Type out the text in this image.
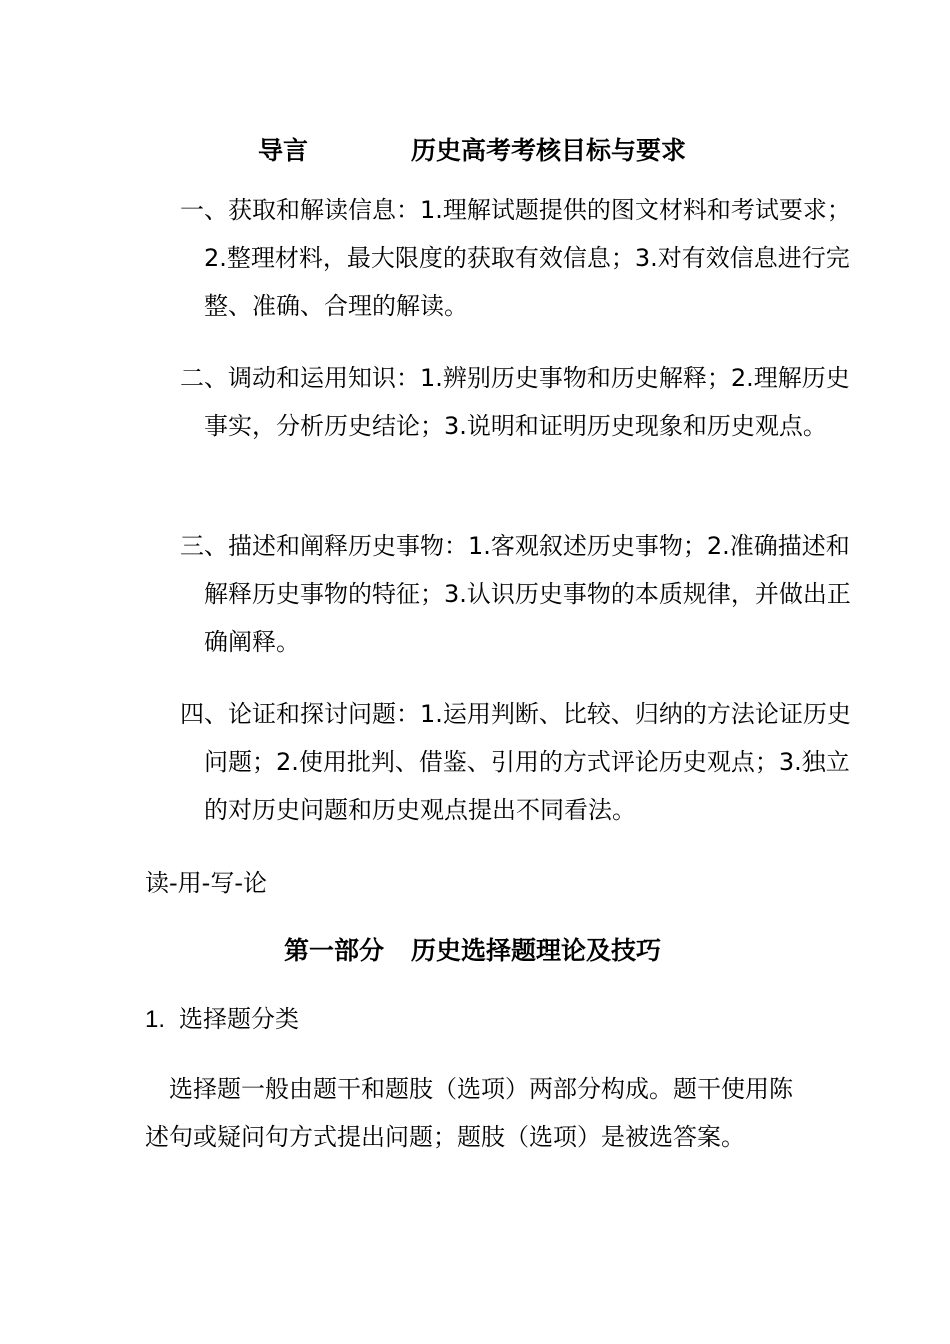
导言	历史高考考核目标与要求
一、获取和解读信息：1.理解试题提供的图文材料和考试要求；2.整理材料，最大限度的获取有效信息；3.对有效信息进行完整、准确、合理的解读。
二、调动和运用知识：1.辨别历史事物和历史解释；2.理解历史事实，分析历史结论；3.说明和证明历史现象和历史观点。
三、描述和阐释历史事物：1.客观叙述历史事物；2.准确描述和解释历史事物的特征；3.认识历史事物的本质规律，并做出正确阐释。
四、论证和探讨问题：1.运用判断、比较、归纳的方法论证历史问题；2.使用批判、借鉴、引用的方式评论历史观点；3.独立的对历史问题和历史观点提出不同看法。
读-用-写-论
第一部分 历史选择题理论及技巧
1. 选择题分类
选择题一般由题干和题肢（选项）两部分构成。题干使用陈述句或疑问句方式提出问题；题肢（选项）是被选答案。
